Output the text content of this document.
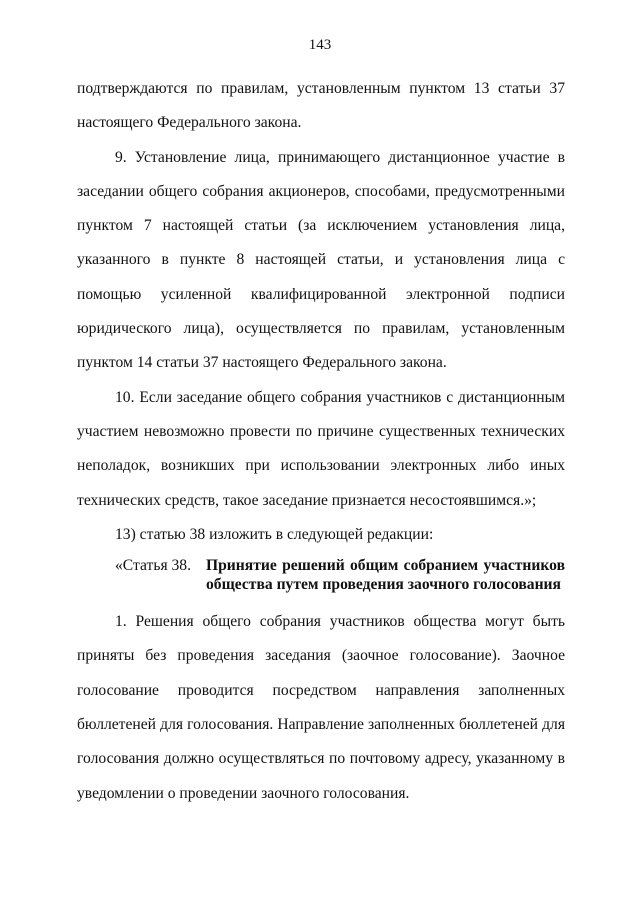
143

подтверждаются по правилам, установленным пунктом 13 статьи 37 настоящего Федерального закона.

9. Установление лица, принимающего дистанционное участие в заседании общего собрания акционеров, способами, предусмотренными пунктом 7 настоящей статьи (за исключением установления лица, указанного в пункте 8 настоящей статьи, и установления лица с помощью усиленной квалифицированной электронной подписи юридического лица), осуществляется по правилам, установленным пунктом 14 статьи 37 настоящего Федерального закона.

10. Если заседание общего собрания участников с дистанционным участием невозможно провести по причине существенных технических неполадок, возникших при использовании электронных либо иных технических средств, такое заседание признается несостоявшимся.»;

13) статью 38 изложить в следующей редакции:

«Статья 38. Принятие решений общим собранием участников общества путем проведения заочного голосования

1. Решения общего собрания участников общества могут быть приняты без проведения заседания (заочное голосование). Заочное голосование проводится посредством направления заполненных бюллетеней для голосования. Направление заполненных бюллетеней для голосования должно осуществляться по почтовому адресу, указанному в уведомлении о проведении заочного голосования.
